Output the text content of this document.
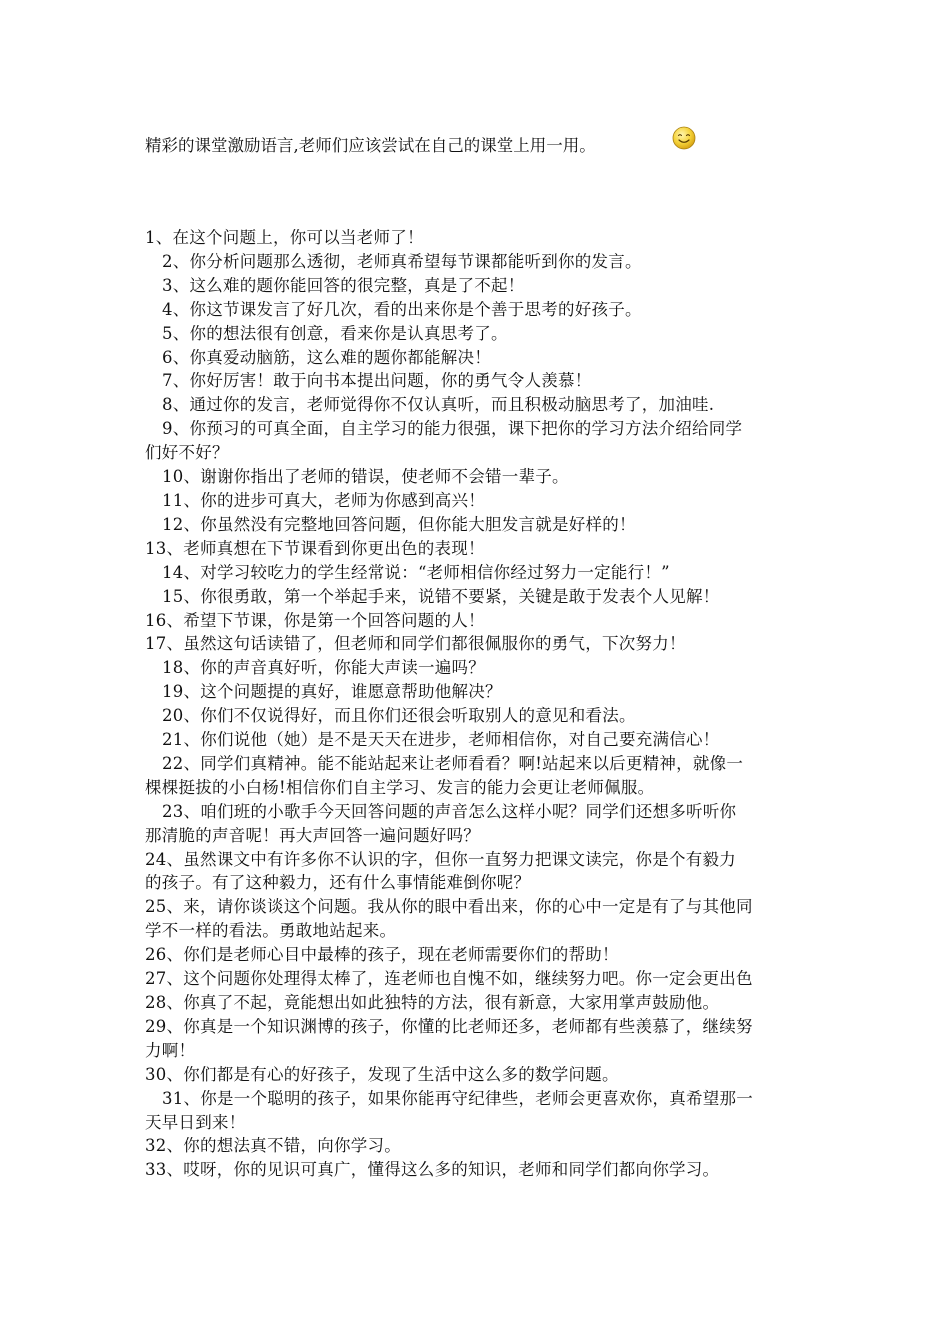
精彩的课堂激励语言,老师们应该尝试在自己的课堂上用一用。
1、在这个问题上，你可以当老师了！
2、你分析问题那么透彻，老师真希望每节课都能听到你的发言。
3、这么难的题你能回答的很完整，真是了不起！
4、你这节课发言了好几次，看的出来你是个善于思考的好孩子。
5、你的想法很有创意，看来你是认真思考了。
6、你真爱动脑筋，这么难的题你都能解决！
7、你好厉害！敢于向书本提出问题，你的勇气令人羡慕！
8、通过你的发言，老师觉得你不仅认真听，而且积极动脑思考了，加油哇.
9、你预习的可真全面，自主学习的能力很强，课下把你的学习方法介绍给同学
们好不好？
10、谢谢你指出了老师的错误，使老师不会错一辈子。
11、你的进步可真大，老师为你感到高兴！
12、你虽然没有完整地回答问题，但你能大胆发言就是好样的！
13、老师真想在下节课看到你更出色的表现！
14、对学习较吃力的学生经常说：“老师相信你经过努力一定能行！”
15、你很勇敢，第一个举起手来，说错不要紧，关键是敢于发表个人见解！
16、希望下节课，你是第一个回答问题的人！
17、虽然这句话读错了，但老师和同学们都很佩服你的勇气，下次努力！
18、你的声音真好听，你能大声读一遍吗？
19、这个问题提的真好，谁愿意帮助他解决？
20、你们不仅说得好，而且你们还很会听取别人的意见和看法。
21、你们说他（她）是不是天天在进步，老师相信你，对自己要充满信心！
22、同学们真精神。能不能站起来让老师看看？啊!站起来以后更精神，就像一
棵棵挺拔的小白杨!相信你们自主学习、发言的能力会更让老师佩服。
23、咱们班的小歌手今天回答问题的声音怎么这样小呢？同学们还想多听听你
那清脆的声音呢！再大声回答一遍问题好吗？
24、虽然课文中有许多你不认识的字，但你一直努力把课文读完，你是个有毅力
的孩子。有了这种毅力，还有什么事情能难倒你呢？
25、来，请你谈谈这个问题。我从你的眼中看出来，你的心中一定是有了与其他同
学不一样的看法。勇敢地站起来。
26、你们是老师心目中最棒的孩子，现在老师需要你们的帮助！
27、这个问题你处理得太棒了，连老师也自愧不如，继续努力吧。你一定会更出色
28、你真了不起，竟能想出如此独特的方法，很有新意，大家用掌声鼓励他。
29、你真是一个知识渊博的孩子，你懂的比老师还多，老师都有些羡慕了，继续努
力啊！
30、你们都是有心的好孩子，发现了生活中这么多的数学问题。
31、你是一个聪明的孩子，如果你能再守纪律些，老师会更喜欢你，真希望那一
天早日到来！
32、你的想法真不错，向你学习。
33、哎呀，你的见识可真广，懂得这么多的知识，老师和同学们都向你学习。
